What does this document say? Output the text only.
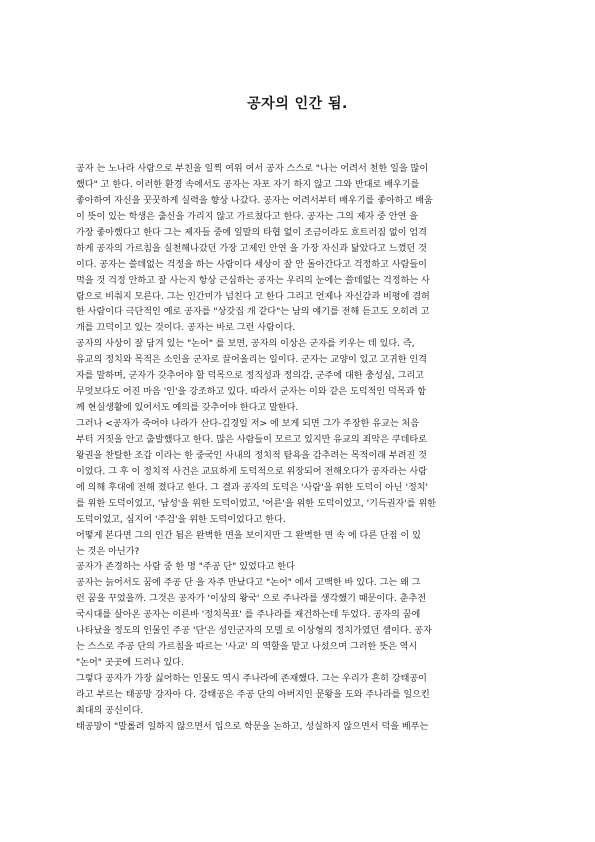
공자의 인간 됨.
공자 는 노나라 사람으로 부친을 일찍 여위 여서 공자 스스로 "나는 어려서 천한 일을 많이
했다" 고 한다. 이러한 환경 속에서도 공자는 자포 자기 하지 않고 그와 반대로 배우기를
좋아하여 자신을 꿋꿋하게 실력을 향상 나갔다. 공자는 어려서부터 배우기를 좋아하고 배움
이 뜻이 있는 학생은 출신을 가리지 않고 가르쳤다고 한다. 공자는 그의 제자 중 안연 을
가장 좋아했다고 한다 그는 제자들 중에 일말의 타협 없이 조금이라도 흐트러짐 없이 엄격
하게 공자의 가르침을 실천해나갔던 가장 고제인 안연 을 가장 자신과 닮았다고 느꼈던 것
이다. 공자는 쓸데없는 걱정을 하는 사람이다 세상이 잘 안 돌아간다고 걱정하고 사람들이
먹을 것 걱정 안하고 잘 사는지 항상 근심하는 공자는 우리의 눈에는 쓸데없는 걱정하는 사
람으로 비춰지 모른다. 그는 인간미가 넘친다 고 한다 그리고 언제나 자신감과 비평에 겸허
한 사람이다 극단적인 예로 공자를 "상갓집 개 같다"는 남의 얘기를 전해 듣고도 오히려 고
개를 끄덕이고 있는 것이다. 공자는 바로 그런 사람이다.
공자의 사상이 잘 담겨 있는 "논어" 를 보면, 공자의 이상은 군자를 키우는 데 있다. 즉,
유교의 정치와 목적은 소인을 군자로 끌어올리는 일이다. 군자는 교양이 있고 고귀한 인격
자를 말하며, 군자가 갖추어야 할 덕목으로 정직성과 정의감, 군주에 대한 충성심, 그리고
무엇보다도 어진 마음 '인'을 강조하고 있다. 따라서 군자는 이와 같은 도덕적인 덕목과 함
께 현실생활에 있어서도 예의를 갖추어야 한다고 말한다.
그러나 <공자가 죽어야 나라가 산다-김경일 저> 에 보게 되면 그가 주장한 유교는 처음
부터 거짓을 안고 출발했다고 한다. 많은 사람들이 모르고 있지만 유교의 죄악은 쿠데타로
왕권을 찬탈한 조갑 이라는 한 중국인 사내의 정치적 탐욕을 감추려는 목적이래 부려진 것
이었다. 그 후 이 정치적 사건은 교묘하게 도덕적으로 위장되어 전해오다가 공자라는 사람
에 의해 후대에 전해 졌다고 한다. 그 결과 공자의 도덕은 '사람'을 위한 도덕이 아닌 '정치'
를 위한 도덕이었고, '남성'을 위한 도덕이었고, '어른'을 위한 도덕이었고, '기득권자'를 위한
도덕이었고, 심지어 '주검'을 위한 도덕이었다고 한다.
어떻게 본다면 그의 인간 됨은 완벽한 면을 보이지만 그 완벽한 면 속 에 다른 단점 이 있
는 것은 아닌가?
공자가 존경하는 사람 중 한 명 "주공 단" 있었다고 한다
공자는 늙어서도 꿈에 주공 단 을 자주 만났다고 "논어" 에서 고백한 바 있다. 그는 왜 그
런 꿈을 꾸었을까. 그것은 공자가 '이상의 왕국' 으로 주나라를 생각했기 때문이다. 춘추전
국시대를 살아온 공자는 이른바 '정치목표' 를 주나라를 재건하는데 두었다. 공자의 꿈에
나타났을 정도의 인물인 주공 '단'은 성인군자의 모델 로 이상형의 정치가였던 셈이다. 공자
는 스스로 주공 단의 가르침을 따르는 '사교' 의 역할을 맡고 나섰으며 그러한 뜻은 역시
"논어" 곳곳에 드러나 있다.
그렇다 공자가 가장 싫어하는 인물도 역시 주나라에 존재했다. 그는 우리가 흔히 강태공이
라고 부르는 태공망 강자아 다. 강태공은 주공 단의 아버지인 문왕을 도와 주나라를 일으킨
최대의 공신이다.
태공망이 "말롤려 일하지 않으면서 입으로 학문을 논하고, 성실하지 않으면서 덕을 베푸는
